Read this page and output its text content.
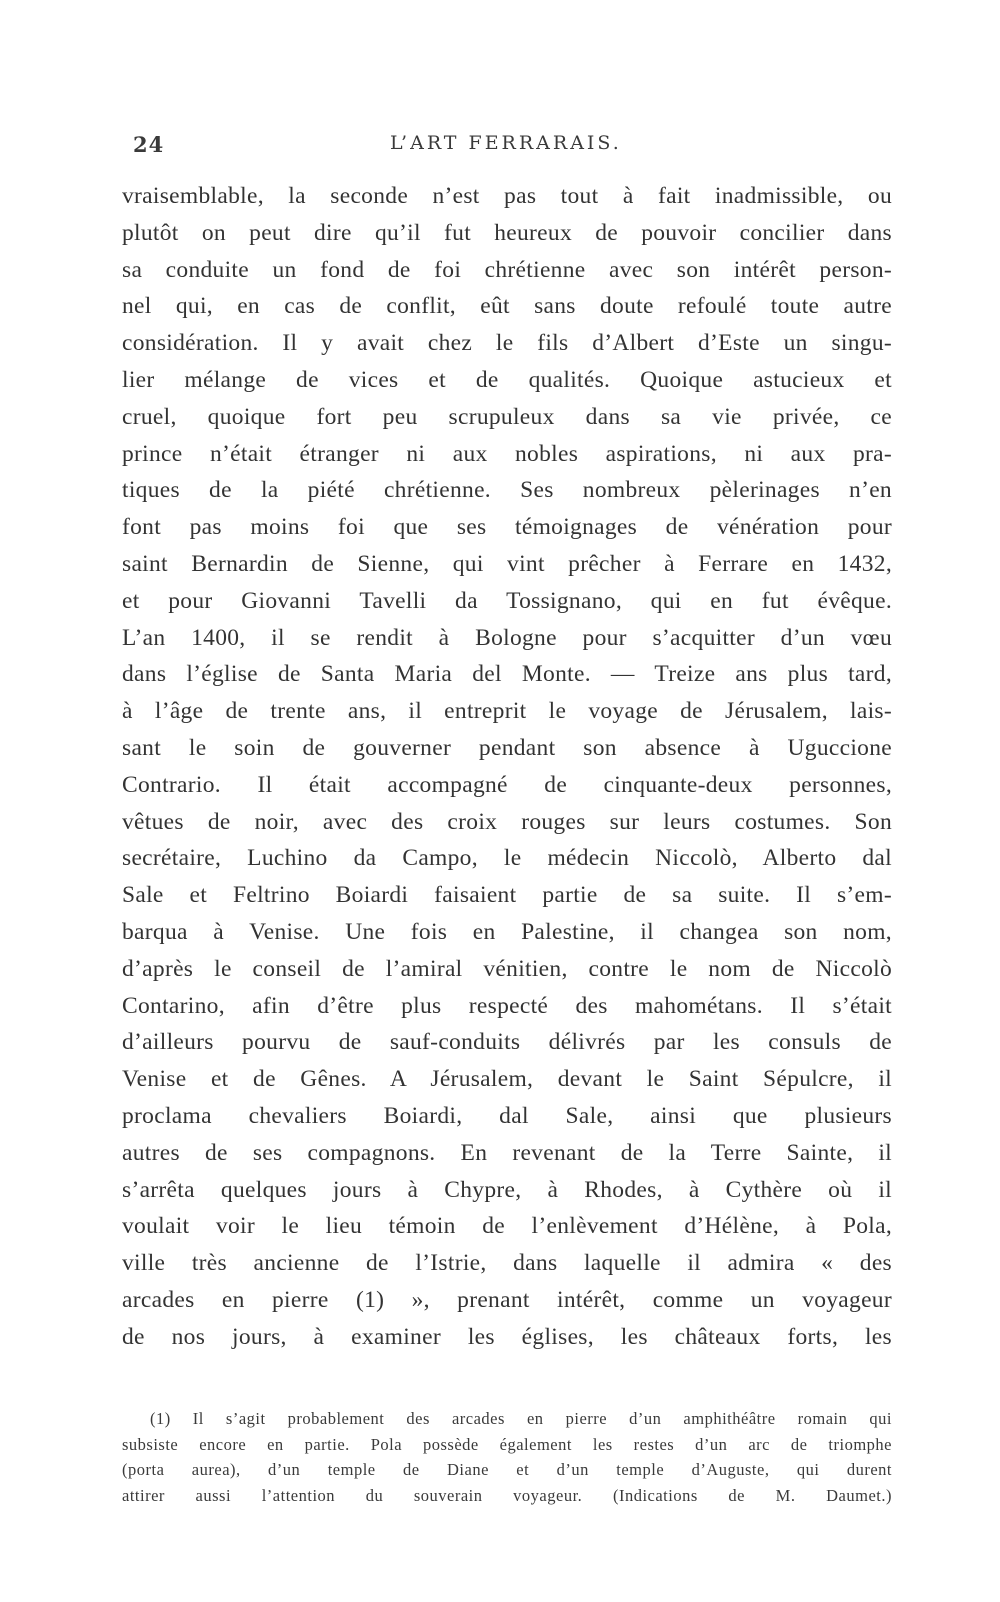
24	L’ART FERRARAIS.
vraisemblable, la seconde n’est pas tout à fait inadmissible, ou
plutôt on peut dire qu’il fut heureux de pouvoir concilier dans
sa conduite un fond de foi chrétienne avec son intérêt person-
nel qui, en cas de conflit, eût sans doute refoulé toute autre
considération. Il y avait chez le fils d’Albert d’Este un singu-
lier mélange de vices et de qualités. Quoique astucieux et
cruel, quoique fort peu scrupuleux dans sa vie privée, ce
prince n’était étranger ni aux nobles aspirations, ni aux pra-
tiques de la piété chrétienne. Ses nombreux pèlerinages n’en
font pas moins foi que ses témoignages de vénération pour
saint Bernardin de Sienne, qui vint prêcher à Ferrare en 1432,
et pour Giovanni Tavelli da Tossignano, qui en fut évêque.
L’an 1400, il se rendit à Bologne pour s’acquitter d’un vœu
dans l’église de Santa Maria del Monte. — Treize ans plus tard,
à l’âge de trente ans, il entreprit le voyage de Jérusalem, lais-
sant le soin de gouverner pendant son absence à Uguccione
Contrario. Il était accompagné de cinquante-deux personnes,
vêtues de noir, avec des croix rouges sur leurs costumes. Son
secrétaire, Luchino da Campo, le médecin Niccolò, Alberto dal
Sale et Feltrino Boiardi faisaient partie de sa suite. Il s’em-
barqua à Venise. Une fois en Palestine, il changea son nom,
d’après le conseil de l’amiral vénitien, contre le nom de Niccolò
Contarino, afin d’être plus respecté des mahométans. Il s’était
d’ailleurs pourvu de sauf-conduits délivrés par les consuls de
Venise et de Gênes. A Jérusalem, devant le Saint Sépulcre, il
proclama chevaliers Boiardi, dal Sale, ainsi que plusieurs
autres de ses compagnons. En revenant de la Terre Sainte, il
s’arrêta quelques jours à Chypre, à Rhodes, à Cythère où il
voulait voir le lieu témoin de l’enlèvement d’Hélène, à Pola,
ville très ancienne de l’Istrie, dans laquelle il admira « des
arcades en pierre (1) », prenant intérêt, comme un voyageur
de nos jours, à examiner les églises, les châteaux forts, les
(1) Il s’agit probablement des arcades en pierre d’un amphithéâtre romain qui
subsiste encore en partie. Pola possède également les restes d’un arc de triomphe
(porta aurea), d’un temple de Diane et d’un temple d’Auguste, qui durent
attirer aussi l’attention du souverain voyageur. (Indications de M. Daumet.)
